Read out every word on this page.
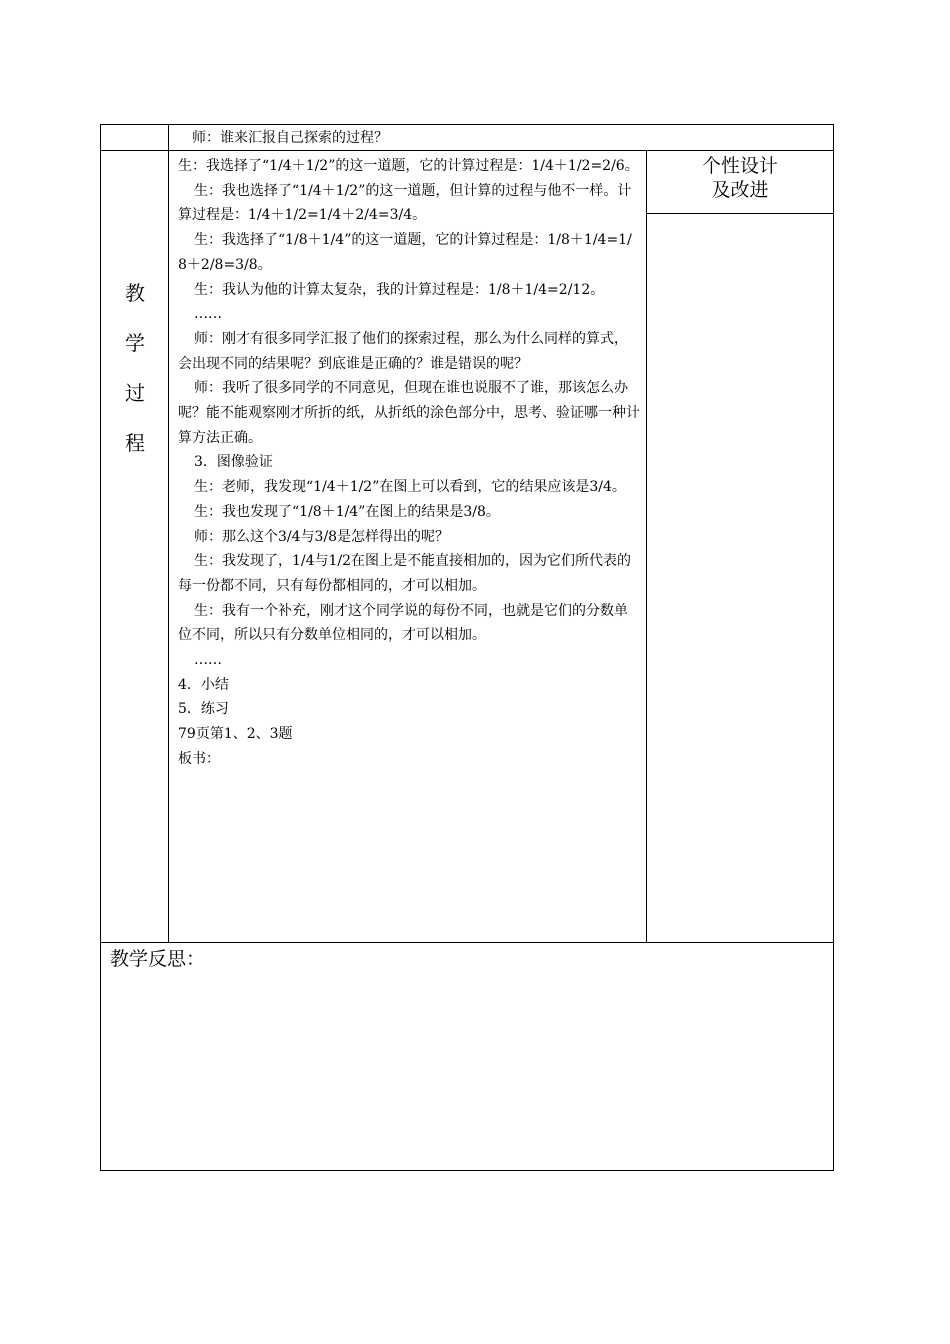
师：谁来汇报自己探索的过程？
教
学
过
程
个性设计
及改进

生：我选择了“1/4＋1/2”的这一道题，它的计算过程是：1/4＋1/2=2/6。

生：我也选择了“1/4＋1/2”的这一道题，但计算的过程与他不一样。计算过程是：1/4＋1/2=1/4＋2/4=3/4。

生：我选择了“1/8＋1/4”的这一道题，它的计算过程是：1/8＋1/4=1/8＋2/8=3/8。

生：我认为他的计算太复杂，我的计算过程是：1/8＋1/4=2/12。

……

师：刚才有很多同学汇报了他们的探索过程，那么为什么同样的算式，会出现不同的结果呢？到底谁是正确的？谁是错误的呢？

师：我听了很多同学的不同意见，但现在谁也说服不了谁，那该怎么办呢？能不能观察刚才所折的纸，从折纸的涂色部分中，思考、验证哪一种计算方法正确。

3．图像验证

生：老师，我发现“1/4＋1/2”在图上可以看到，它的结果应该是3/4。

生：我也发现了“1/8＋1/4”在图上的结果是3/8。

师：那么这个3/4与3/8是怎样得出的呢？

生：我发现了，1/4与1/2在图上是不能直接相加的，因为它们所代表的每一份都不同，只有每份都相同的，才可以相加。

生：我有一个补充，刚才这个同学说的每份不同，也就是它们的分数单位不同，所以只有分数单位相同的，才可以相加。

……

4．小结

5．练习

79页第1、2、3题

板书：

教学反思：
